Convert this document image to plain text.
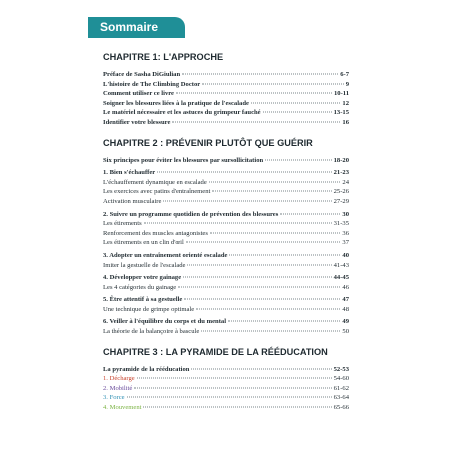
Sommaire
CHAPITRE 1: L'APPROCHE
Préface de Sasha DiGiulian	6-7
L'histoire de The Climbing Doctor	9
Comment utiliser ce livre	10-11
Soigner les blessures liées à la pratique de l'escalade	12
Le matériel nécessaire et les astuces du grimpeur fauché	13-15
Identifier votre blessure	16
CHAPITRE 2 : PRÉVENIR PLUTÔT QUE GUÉRIR
Six principes pour éviter les blessures par sursollicitation	18-20
1. Bien s'échauffer	21-23
L'échauffement dynamique en escalade	24
Les exercices avec patins d'entraînement	25-26
Activation musculaire	27-29
2. Suivre un programme quotidien de prévention des blessures	30
Les étirements	31-35
Renforcement des muscles antagonistes	36
Les étirements en un clin d'œil	37
3. Adopter un entraînement orienté escalade	40
Imiter la gestuelle de l'escalade	41-43
4. Développer votre gainage	44-45
Les 4 catégories du gainage	46
5. Être attentif à sa gestuelle	47
Une technique de grimpe optimale	48
6. Veiller à l'équilibre du corps et du mental	49
La théorie de la balançoire à bascule	50
CHAPITRE 3 : LA PYRAMIDE DE LA RÉÉDUCATION
La pyramide de la rééducation	52-53
1. Décharge	54-60
2. Mobilité	61-62
3. Force	63-64
4. Mouvement	65-66
